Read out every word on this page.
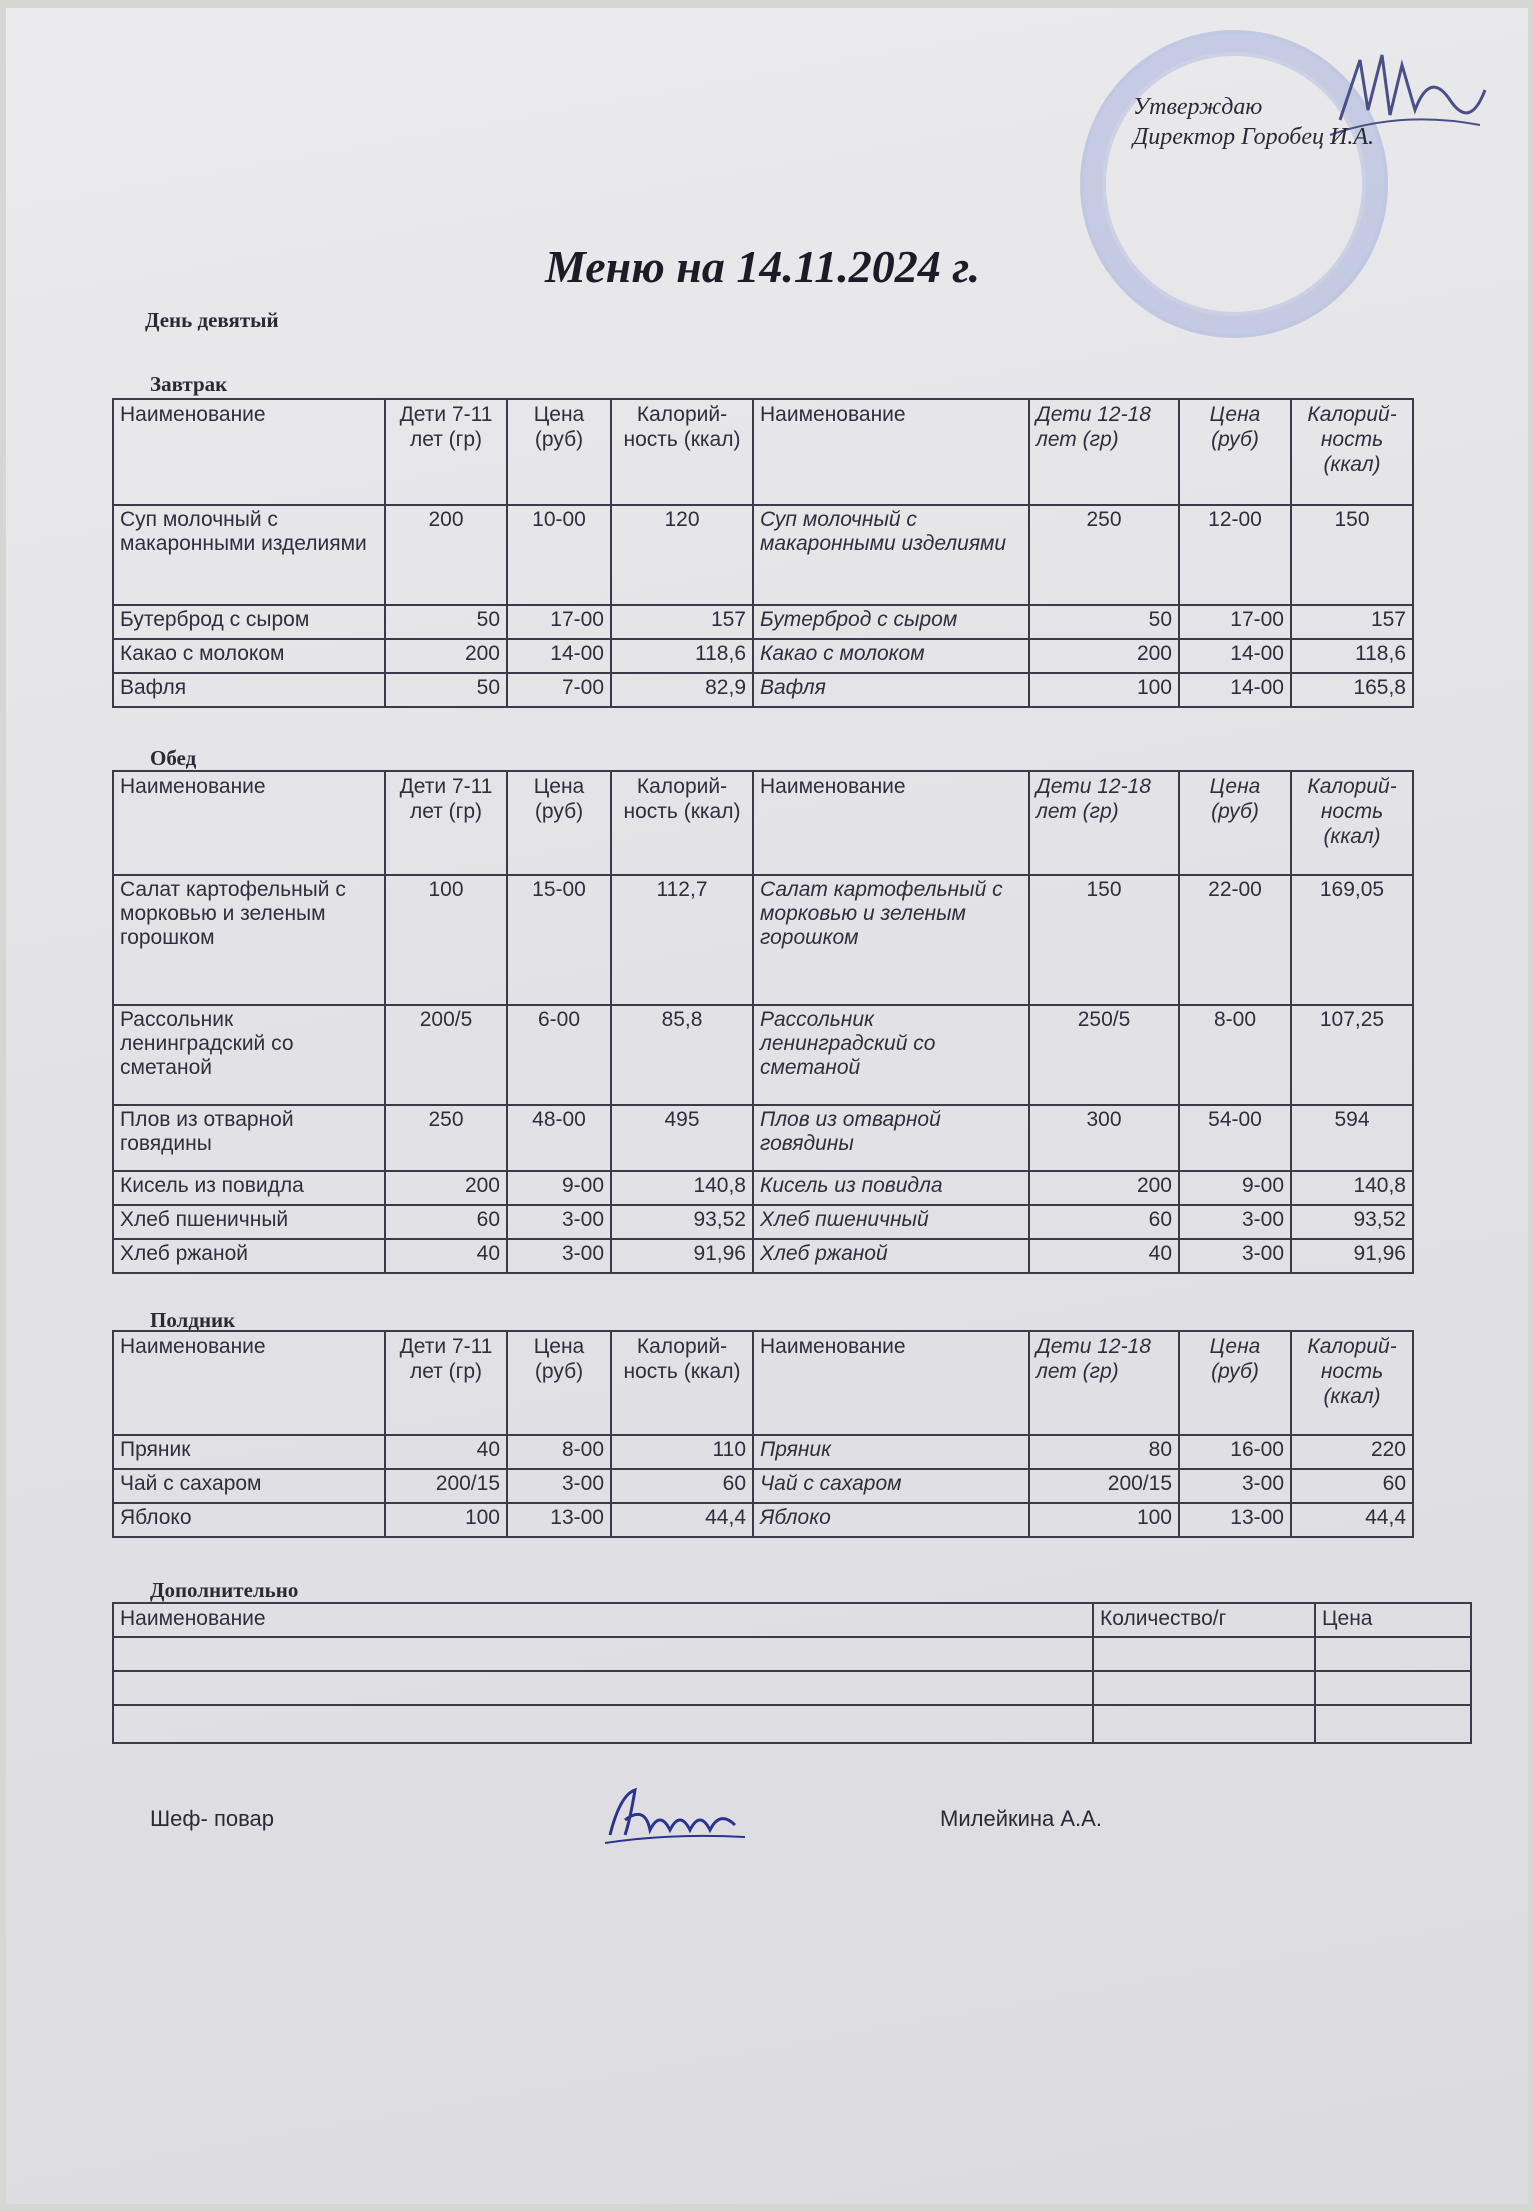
Утверждаю
Директор Горобец И.А.
Меню на 14.11.2024 г.
День девятый
Завтрак
Наименование	Дети 7-11 лет (гр)	Цена (руб)	Калорий-ность (ккал)	Наименование	Дети 12-18 лет (гр)	Цена (руб)	Калорий-ность (ккал)
Суп молочный с макаронными изделиями	200	10-00	120	Суп молочный с макаронными изделиями	250	12-00	150
Бутерброд с сыром	50	17-00	157	Бутерброд с сыром	50	17-00	157
Какао с молоком	200	14-00	118,6	Какао с молоком	200	14-00	118,6
Вафля	50	7-00	82,9	Вафля	100	14-00	165,8
Обед
Наименование	Дети 7-11 лет (гр)	Цена (руб)	Калорий-ность (ккал)	Наименование	Дети 12-18 лет (гр)	Цена (руб)	Калорий-ность (ккал)
Салат картофельный с морковью и зеленым горошком	100	15-00	112,7	Салат картофельный с морковью и зеленым горошком	150	22-00	169,05
Рассольник ленинградский со сметаной	200/5	6-00	85,8	Рассольник ленинградский со сметаной	250/5	8-00	107,25
Плов из отварной говядины	250	48-00	495	Плов из отварной говядины	300	54-00	594
Кисель из повидла	200	9-00	140,8	Кисель из повидла	200	9-00	140,8
Хлеб пшеничный	60	3-00	93,52	Хлеб пшеничный	60	3-00	93,52
Хлеб ржаной	40	3-00	91,96	Хлеб ржаной	40	3-00	91,96
Полдник
Наименование	Дети 7-11 лет (гр)	Цена (руб)	Калорий-ность (ккал)	Наименование	Дети 12-18 лет (гр)	Цена (руб)	Калорий-ность (ккал)
Пряник	40	8-00	110	Пряник	80	16-00	220
Чай с сахаром	200/15	3-00	60	Чай с сахаром	200/15	3-00	60
Яблоко	100	13-00	44,4	Яблоко	100	13-00	44,4
Дополнительно
Наименование	Количество/г	Цена

Шеф- повар	Милейкина А.А.
